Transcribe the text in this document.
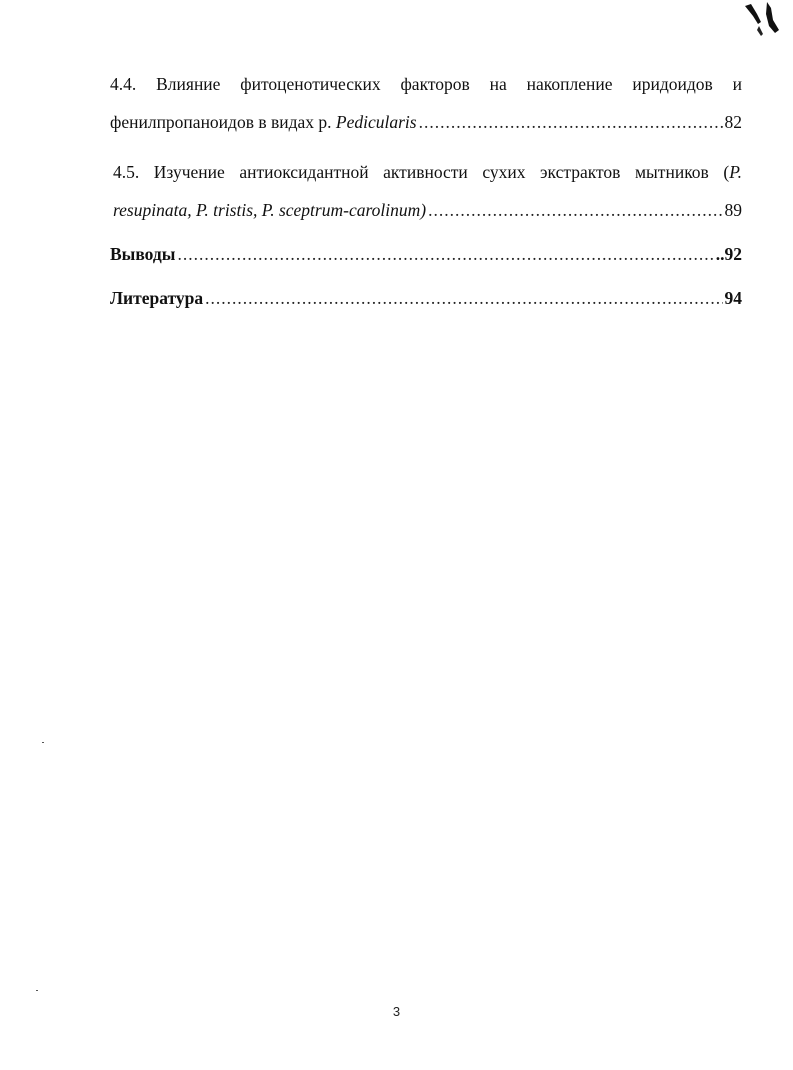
4.4. Влияние фитоценотических факторов на накопление иридоидов и
фенилпропаноидов в видах р. Pedicularis .....	82
4.5. Изучение антиоксидантной активности сухих экстрактов мытников (P.
resupinata, P. tristis, P. sceptrum-carolinum) .....	89
Выводы .....	..92
Литература .....	94
3
